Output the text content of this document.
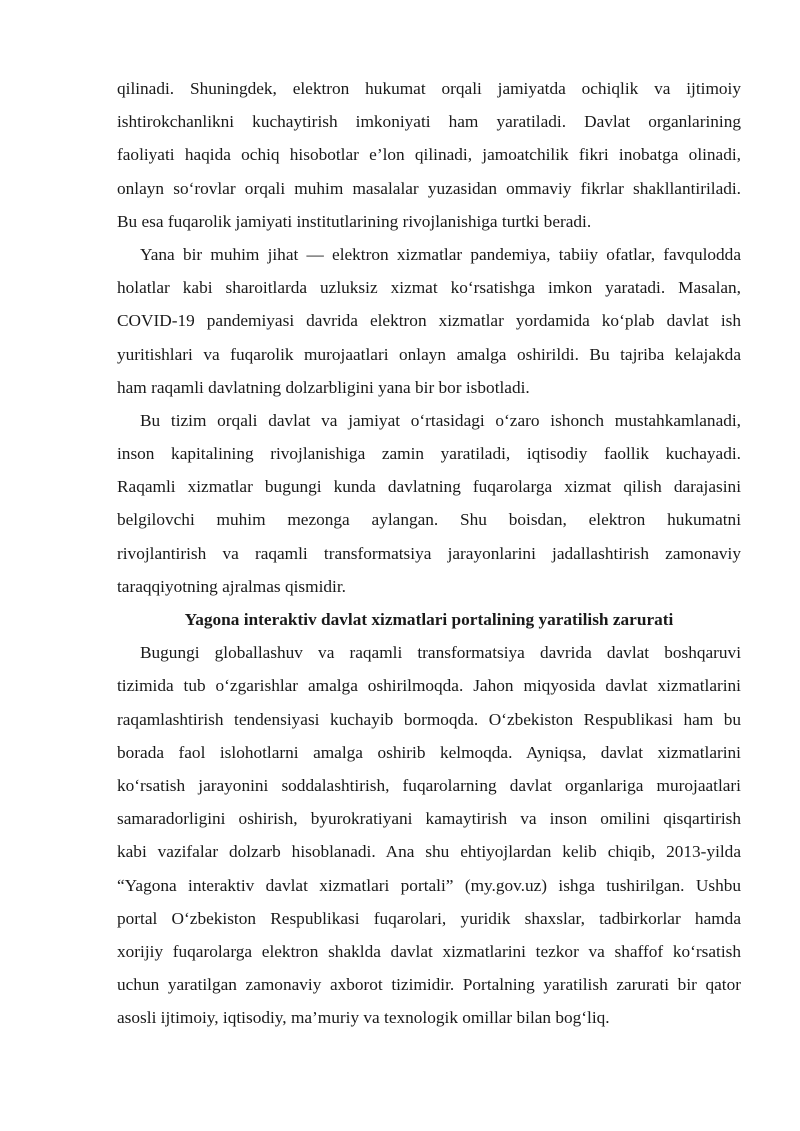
qilinadi. Shuningdek, elektron hukumat orqali jamiyatda ochiqlik va ijtimoiy
ishtirokchanlikni kuchaytirish imkoniyati ham yaratiladi. Davlat organlarining
faoliyati haqida ochiq hisobotlar e’lon qilinadi, jamoatchilik fikri inobatga olinadi,
onlayn so‘rovlar orqali muhim masalalar yuzasidan ommaviy fikrlar shakllantiriladi.
Bu esa fuqarolik jamiyati institutlarining rivojlanishiga turtki beradi.
Yana bir muhim jihat — elektron xizmatlar pandemiya, tabiiy ofatlar, favqulodda
holatlar kabi sharoitlarda uzluksiz xizmat ko‘rsatishga imkon yaratadi. Masalan,
COVID-19 pandemiyasi davrida elektron xizmatlar yordamida ko‘plab davlat ish
yuritishlari va fuqarolik murojaatlari onlayn amalga oshirildi. Bu tajriba kelajakda
ham raqamli davlatning dolzarbligini yana bir bor isbotladi.
Bu tizim orqali davlat va jamiyat o‘rtasidagi o‘zaro ishonch mustahkamlanadi,
inson kapitalining rivojlanishiga zamin yaratiladi, iqtisodiy faollik kuchayadi.
Raqamli xizmatlar bugungi kunda davlatning fuqarolarga xizmat qilish darajasini
belgilovchi muhim mezonga aylangan. Shu boisdan, elektron hukumatni
rivojlantirish va raqamli transformatsiya jarayonlarini jadallashtirish zamonaviy
taraqqiyotning ajralmas qismidir.
Yagona interaktiv davlat xizmatlari portalining yaratilish zarurati
Bugungi globallashuv va raqamli transformatsiya davrida davlat boshqaruvi
tizimida tub o‘zgarishlar amalga oshirilmoqda. Jahon miqyosida davlat xizmatlarini
raqamlashtirish tendensiyasi kuchayib bormoqda. O‘zbekiston Respublikasi ham bu
borada faol islohotlarni amalga oshirib kelmoqda. Ayniqsa, davlat xizmatlarini
ko‘rsatish jarayonini soddalashtirish, fuqarolarning davlat organlariga murojaatlari
samaradorligini oshirish, byurokratiyani kamaytirish va inson omilini qisqartirish
kabi vazifalar dolzarb hisoblanadi. Ana shu ehtiyojlardan kelib chiqib, 2013-yilda
“Yagona interaktiv davlat xizmatlari portali” (my.gov.uz) ishga tushirilgan. Ushbu
portal O‘zbekiston Respublikasi fuqarolari, yuridik shaxslar, tadbirkorlar hamda
xorijiy fuqarolarga elektron shaklda davlat xizmatlarini tezkor va shaffof ko‘rsatish
uchun yaratilgan zamonaviy axborot tizimidir. Portalning yaratilish zarurati bir qator
asosli ijtimoiy, iqtisodiy, ma’muriy va texnologik omillar bilan bog‘liq.
